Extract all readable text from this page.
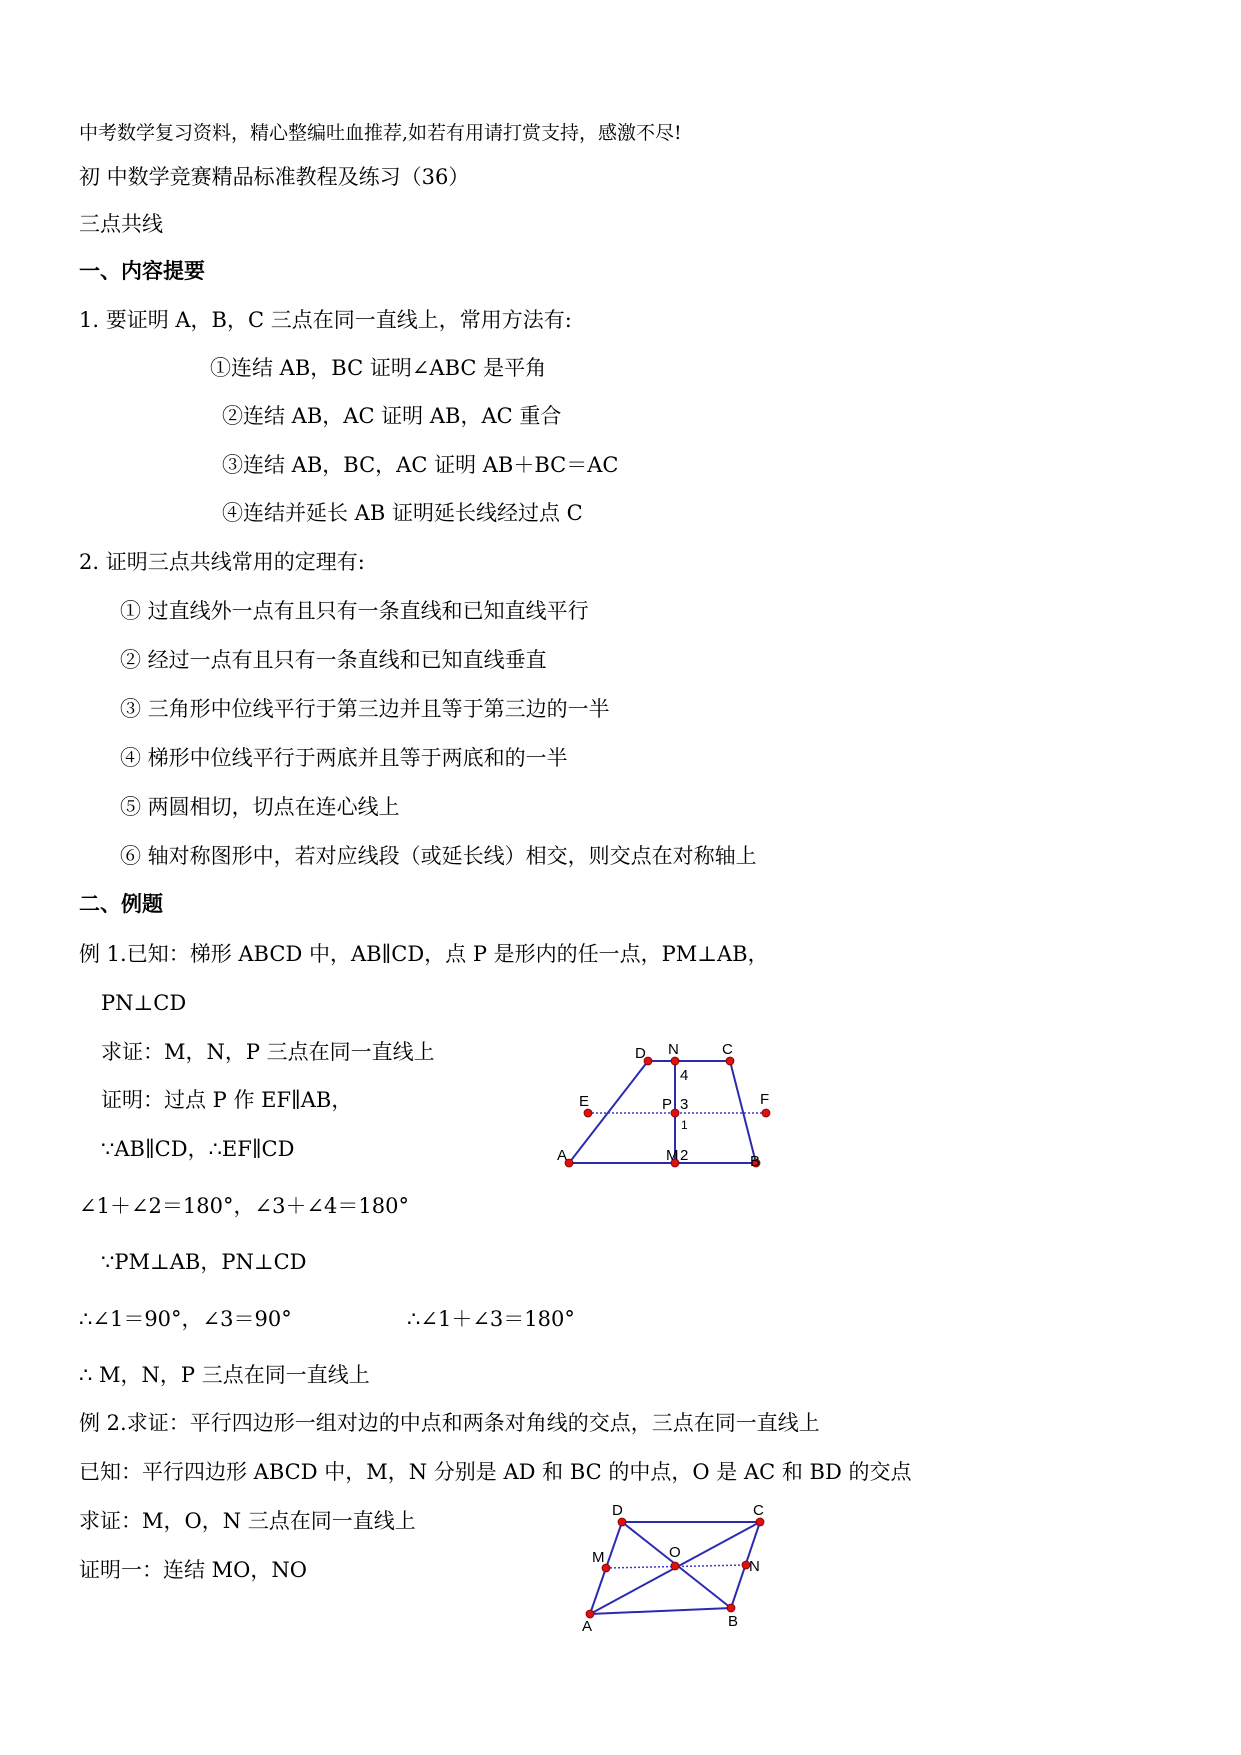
中考数学复习资料，精心整编吐血推荐,如若有用请打赏支持，感激不尽!
初 中数学竞赛精品标准教程及练习（36）
三点共线
一、内容提要
1. 要证明 A，B，C 三点在同一直线上，常用方法有:
①连结 AB，BC 证明∠ABC 是平角
②连结 AB，AC 证明 AB，AC 重合
③连结 AB，BC，AC 证明 AB＋BC＝AC
④连结并延长 AB 证明延长线经过点 C
2. 证明三点共线常用的定理有:
① 过直线外一点有且只有一条直线和已知直线平行
② 经过一点有且只有一条直线和已知直线垂直
③ 三角形中位线平行于第三边并且等于第三边的一半
④ 梯形中位线平行于两底并且等于两底和的一半
⑤ 两圆相切，切点在连心线上
⑥ 轴对称图形中，若对应线段（或延长线）相交，则交点在对称轴上
二、例题
例 1.已知：梯形 ABCD 中，AB∥CD，点 P 是形内的任一点，PM⊥AB，
PN⊥CD
求证：M，N，P 三点在同一直线上
证明：过点 P 作 EF∥AB，
∵AB∥CD，∴EF∥CD
∠1＋∠2＝180°，∠3＋∠4＝180°
∵PM⊥AB，PN⊥CD
∴∠1＝90°，∠3＝90°	∴∠1＋∠3＝180°
∴ M，N，P 三点在同一直线上
例 2.求证：平行四边形一组对边的中点和两条对角线的交点，三点在同一直线上
已知：平行四边形 ABCD 中，M，N 分别是 AD 和 BC 的中点，O 是 AC 和 BD 的交点
求证：M，O，N 三点在同一直线上
证明一：连结 MO，NO
D N	C
4
E	P 3	F
1
A	M 2	B
D	C
M	O
N
A	B
